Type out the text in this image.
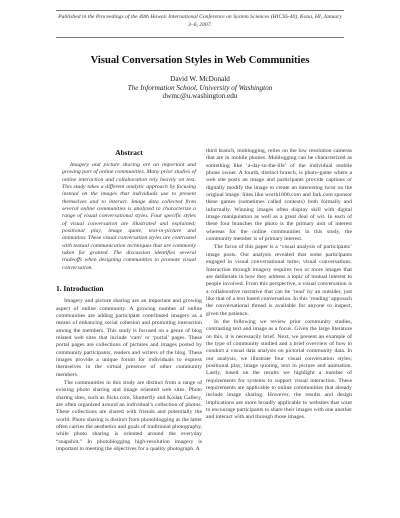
Published in the Proceedings of the 40th Hawaii International Conference on System Sciences (HICSS-40), Kona, HI, January 3–6, 2007.
Visual Conversation Styles in Web Communities
David W. McDonald
The Information School, University of Washington
dwmc@u.washington.edu
Abstract
Imagery and picture sharing are an important and growing part of online communities. Many prior studies of online interaction and collaboration rely heavily on text. This study takes a different analytic approach by focusing instead on the images that individuals use to present themselves and to interact. Image data collected from several online communities is analyzed to characterize a range of visual conversational styles. Four specific styles of visual conversation are illustrated and explained; positional play, image quote, text-in-picture and animation. These visual conversation styles are contrasted with textual communication techniques that are commonly taken for granted. The discussion identifies several tradeoffs when designing communities to promote visual conversation.
1. Introduction

Imagery and picture sharing are an important and growing aspect of online community. A growing number of online communities are adding participant contributed imagery as a means of enhancing social cohesion and promoting interaction among the members. This study is focused on a genre of blog related web sites that include ‘cam’ or ‘portal’ pages. These portal pages are collections of pictures and images posted by community participants, readers and writers of the blog. These images provide a unique forum for individuals to express themselves in the virtual presence of other community members.

The communities in this study are distinct from a range of existing photo sharing and image oriented web sites. Photo sharing sites, such as flickr.com, Shutterfly and Kodak Gallery, are often organized around an individual’s collection of photos. These collections are shared with friends and potentially the world. Photo sharing is distinct from photoblogging as the latter often carries the aesthetics and goals of traditional photography, while photo sharing is oriented around the everyday “snapshot.” In photoblogging high-resolution imagery is important to meeting the objectives for a quality photograph. A

third branch, moblogging, relies on the low resolution cameras that are in mobile phones. Moblogging can be characterized as something like ‘a-day-in-the-life’ of the individual mobile phone owner. A fourth, distinct branch, is photo-game where a web site posts an image and participants provide captions or digitally modify the image to create an interesting twist on the original image. Sites like worth1000.com and fark.com sponsor these games (sometimes called contests) both formally and informally. Winning images often display skill with digital image manipulation as well as a great deal of wit. In each of these four branches the photo is the primary unit of interest whereas for the online communities in this study, the community member is of primary interest.

The focus of this paper is a ‘visual analysis of participants’ image posts. Our analysis revealed that some participants engaged in visual conversational turns; visual conversations. Interaction through imagery requires two or more images that are deliberate in how they address a topic of mutual interest to people involved. From this perspective, a visual conversation is a collaborative narrative that can be ‘read’ by an outsider, just like that of a text based conversation. In this ‘reading’ approach the conversational thread is available for anyone to inspect, given the patience.

In the following we review prior community studies, contrasting text and image as a focus. Given the large literature on this, it is necessarily brief. Next, we present an example of the type of community studied and a brief overview of how to conduct a visual data analysis on pictorial community data. In our analysis, we illustrate four visual conversation styles; positional play, image quoting, text in picture and animation. Lastly, based on the results we highlight a number of requirements for systems to support visual interaction. These requirements are applicable to online communities that already include image sharing. However, the results and design implications are more broadly applicable to websites that want to encourage participants to share their images with one another and interact with and through those images.
